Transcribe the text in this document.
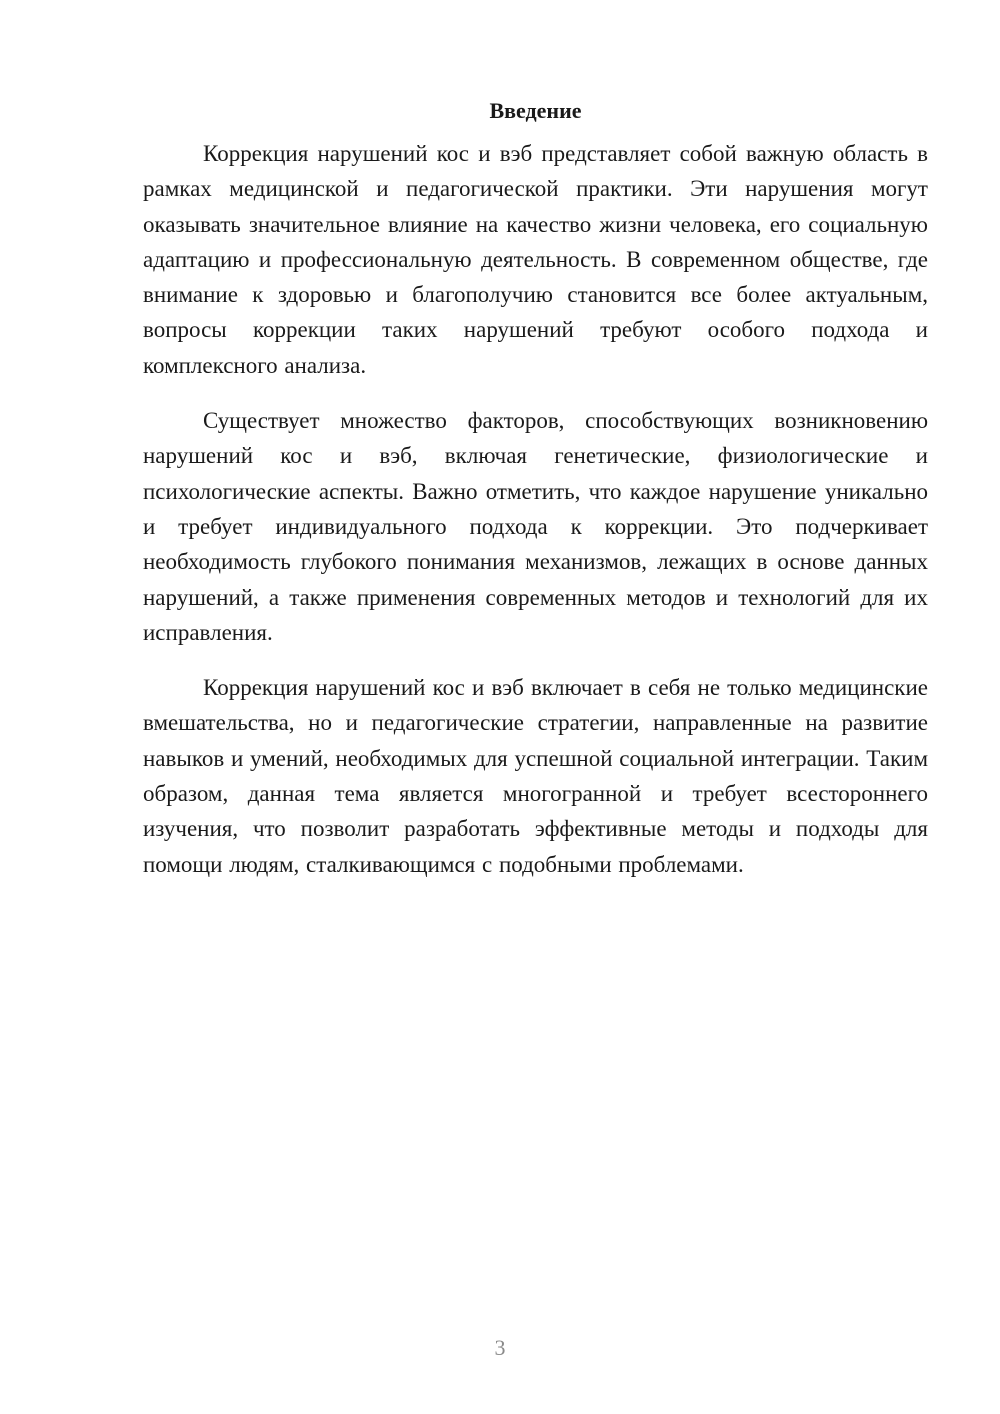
Введение

Коррекция нарушений кос и вэб представляет собой важную область в рамках медицинской и педагогической практики. Эти нарушения могут оказывать значительное влияние на качество жизни человека, его социальную адаптацию и профессиональную деятельность. В современном обществе, где внимание к здоровью и благополучию становится все более актуальным, вопросы коррекции таких нарушений требуют особого подхода и комплексного анализа.

Существует множество факторов, способствующих возникновению нарушений кос и вэб, включая генетические, физиологические и психологические аспекты. Важно отметить, что каждое нарушение уникально и требует индивидуального подхода к коррекции. Это подчеркивает необходимость глубокого понимания механизмов, лежащих в основе данных нарушений, а также применения современных методов и технологий для их исправления.

Коррекция нарушений кос и вэб включает в себя не только медицинские вмешательства, но и педагогические стратегии, направленные на развитие навыков и умений, необходимых для успешной социальной интеграции. Таким образом, данная тема является многогранной и требует всестороннего изучения, что позволит разработать эффективные методы и подходы для помощи людям, сталкивающимся с подобными проблемами.

3
